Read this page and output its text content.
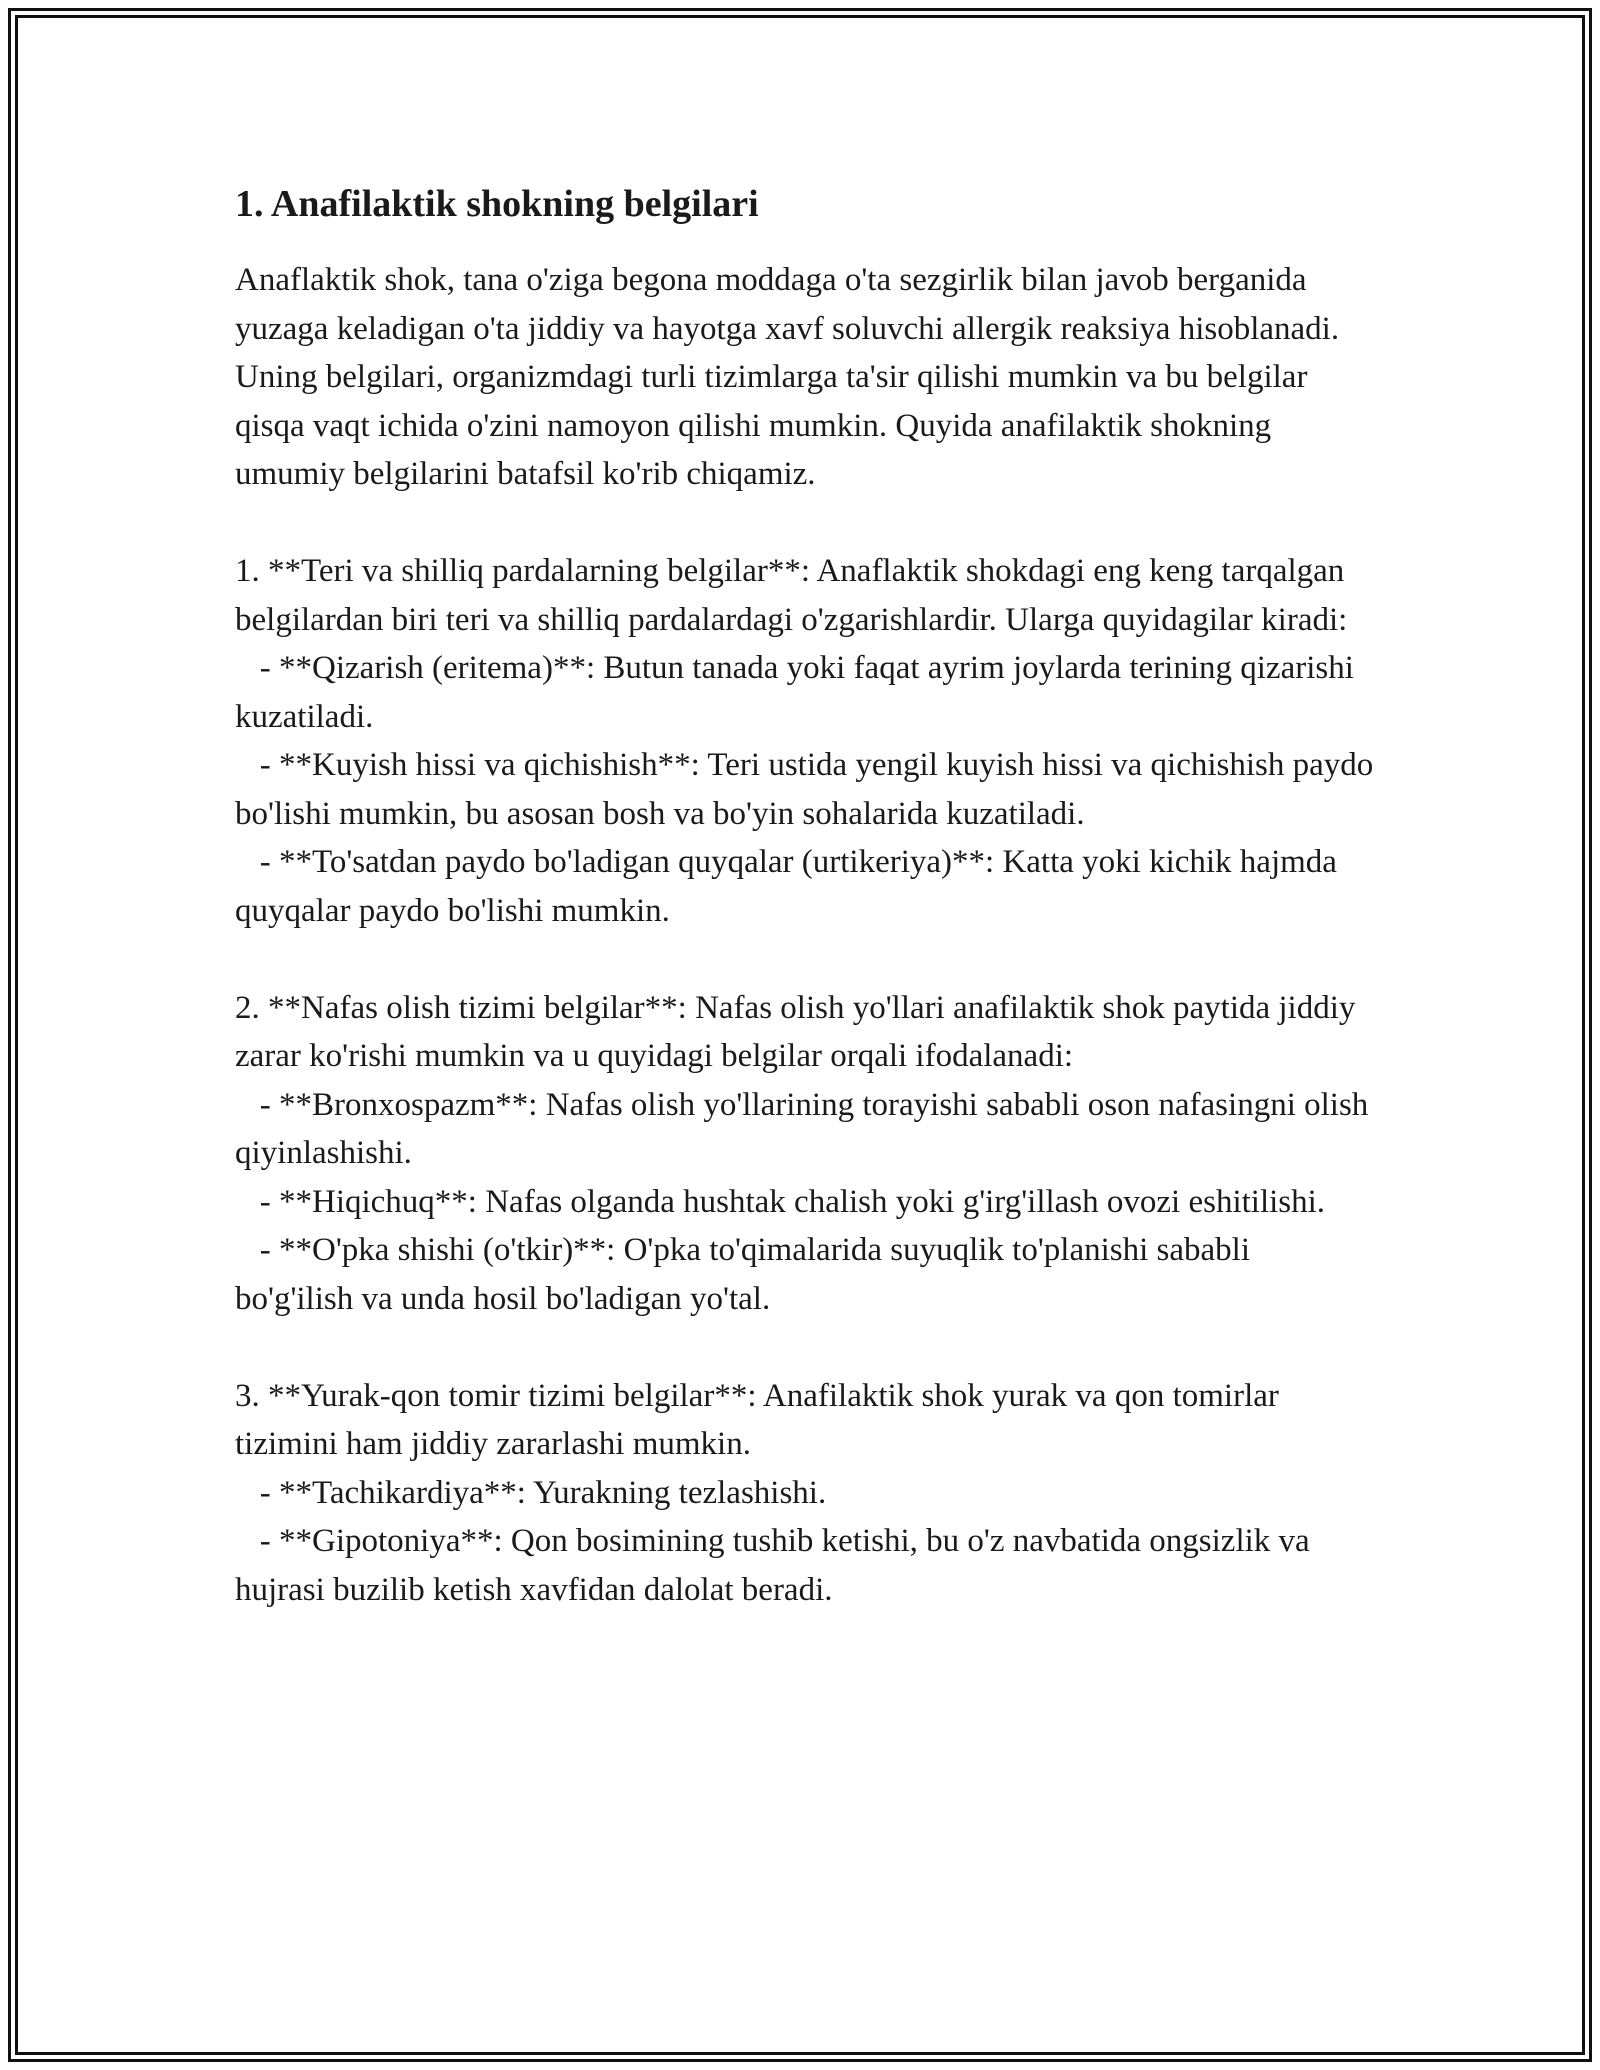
1. Anafilaktik shokning belgilari

Anaflaktik shok, tana o'ziga begona moddaga o'ta sezgirlik bilan javob berganida yuzaga keladigan o'ta jiddiy va hayotga xavf soluvchi allergik reaksiya hisoblanadi. Uning belgilari, organizmdagi turli tizimlarga ta'sir qilishi mumkin va bu belgilar qisqa vaqt ichida o'zini namoyon qilishi mumkin. Quyida anafilaktik shokning umumiy belgilarini batafsil ko'rib chiqamiz.

1. **Teri va shilliq pardalarning belgilar**: Anaflaktik shokdagi eng keng tarqalgan belgilardan biri teri va shilliq pardalardagi o'zgarishlardir. Ularga quyidagilar kiradi:

- **Qizarish (eritema)**: Butun tanada yoki faqat ayrim joylarda terining qizarishi kuzatiladi.

- **Kuyish hissi va qichishish**: Teri ustida yengil kuyish hissi va qichishish paydo bo'lishi mumkin, bu asosan bosh va bo'yin sohalarida kuzatiladi.

- **To'satdan paydo bo'ladigan quyqalar (urtikeriya)**: Katta yoki kichik hajmda quyqalar paydo bo'lishi mumkin.

2. **Nafas olish tizimi belgilar**: Nafas olish yo'llari anafilaktik shok paytida jiddiy zarar ko'rishi mumkin va u quyidagi belgilar orqali ifodalanadi:

- **Bronxospazm**: Nafas olish yo'llarining torayishi sababli oson nafasingni olish qiyinlashishi.

- **Hiqichuq**: Nafas olganda hushtak chalish yoki g'irg'illash ovozi eshitilishi.

- **O'pka shishi (o'tkir)**: O'pka to'qimalarida suyuqlik to'planishi sababli bo'g'ilish va unda hosil bo'ladigan yo'tal.

3. **Yurak-qon tomir tizimi belgilar**: Anafilaktik shok yurak va qon tomirlar tizimini ham jiddiy zararlashi mumkin.

- **Tachikardiya**: Yurakning tezlashishi.

- **Gipotoniya**: Qon bosimining tushib ketishi, bu o'z navbatida ongsizlik va hujrasi buzilib ketish xavfidan dalolat beradi.
